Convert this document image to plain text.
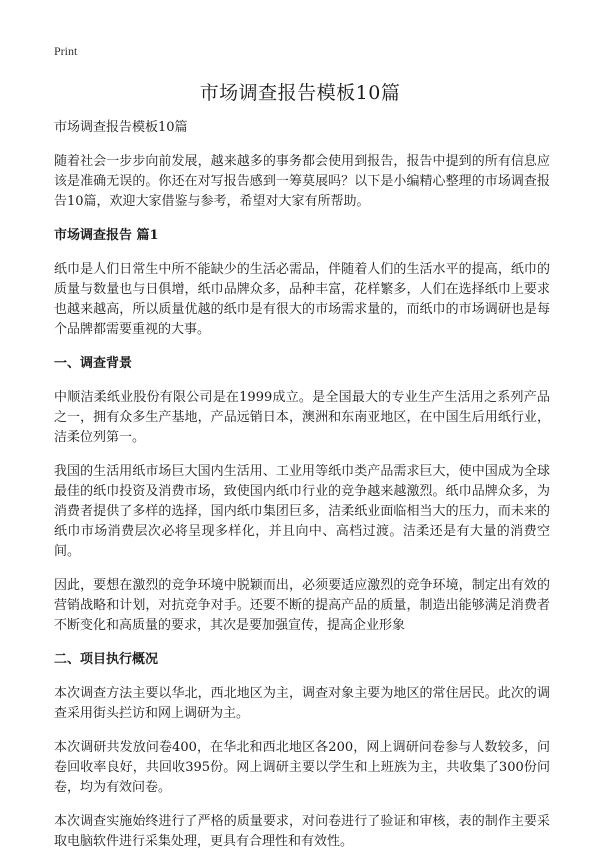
Print
市场调查报告模板10篇
市场调查报告模板10篇

随着社会一步步向前发展，越来越多的事务都会使用到报告，报告中提到的所有信息应该是准确无误的。你还在对写报告感到一筹莫展吗？以下是小编精心整理的市场调查报告10篇，欢迎大家借鉴与参考，希望对大家有所帮助。

市场调查报告 篇1

纸巾是人们日常生中所不能缺少的生活必需品，伴随着人们的生活水平的提高，纸巾的质量与数量也与日俱增，纸巾品牌众多，品种丰富，花样繁多，人们在选择纸巾上要求也越来越高，所以质量优越的纸巾是有很大的市场需求量的，而纸巾的市场调研也是每个品牌都需要重视的大事。

一、调查背景

中顺洁柔纸业股份有限公司是在1999成立。是全国最大的专业生产生活用之系列产品之一，拥有众多生产基地，产品远销日本，澳洲和东南亚地区，在中国生后用纸行业，洁柔位列第一。

我国的生活用纸市场巨大国内生活用、工业用等纸巾类产品需求巨大，使中国成为全球最佳的纸巾投资及消费市场，致使国内纸巾行业的竞争越来越激烈。纸巾品牌众多，为消费者提供了多样的选择，国内纸巾集团巨多，洁柔纸业面临相当大的压力，而未来的纸巾市场消费层次必将呈现多样化，并且向中、高档过渡。洁柔还是有大量的消费空间。

因此，要想在激烈的竞争环境中脱颖而出，必须要适应激烈的竞争环境，制定出有效的营销战略和计划，对抗竞争对手。还要不断的提高产品的质量，制造出能够满足消费者不断变化和高质量的要求，其次是要加强宣传，提高企业形象

二、项目执行概况

本次调查方法主要以华北，西北地区为主，调查对象主要为地区的常住居民。此次的调查采用街头拦访和网上调研为主。

本次调研共发放问卷400，在华北和西北地区各200，网上调研问卷参与人数较多，问卷回收率良好，共回收395份。网上调研主要以学生和上班族为主，共收集了300份问卷，均为有效问卷。

本次调查实施始终进行了严格的质量要求，对问卷进行了验证和审核，表的制作主要采取电脑软件进行采集处理，更具有合理性和有效性。
